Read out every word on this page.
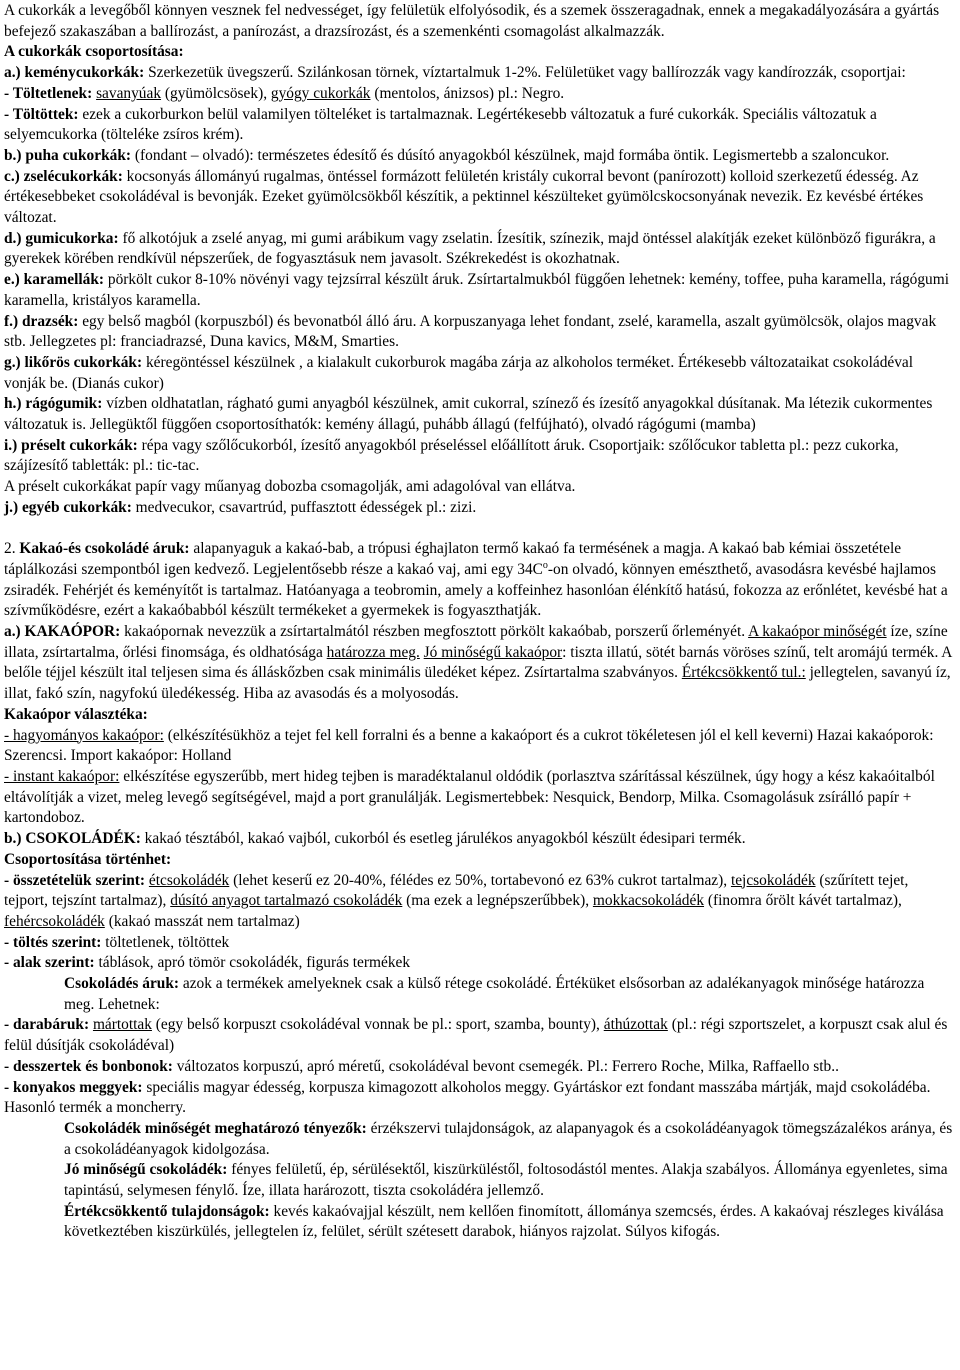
A cukorkák a levegőből könnyen vesznek fel nedvességet, így felületük elfolyósodik, és a szemek összeragadnak, ennek a megakadályozására a gyártás befejező szakaszában a ballírozást, a panírozást, a drazsírozást, és a szemenkénti csomagolást alkalmazzák.

A cukorkák csoportosítása:

a.) keménycukorkák: Szerkezetük üvegszerű. Szilánkosan törnek, víztartalmuk 1-2%. Felületüket vagy ballírozzák vagy kandírozzák, csoportjai:

- Töltetlenek: savanyúak (gyümölcsösek), gyógy cukorkák (mentolos, ánizsos) pl.: Negro.

- Töltöttek: ezek a cukorburkon belül valamilyen tölteléket is tartalmaznak. Legértékesebb változatuk a furé cukorkák. Speciális változatuk a selyemcukorka (tölteléke zsíros krém).

b.) puha cukorkák: (fondant – olvadó): természetes édesítő és dúsító anyagokból készülnek, majd formába öntik. Legismertebb a szaloncukor.

c.) zselécukorkák: kocsonyás állományú rugalmas, öntéssel formázott felületén kristály cukorral bevont (panírozott) kolloid szerkezetű édesség. Az értékesebbeket csokoládéval is bevonják. Ezeket gyümölcsökből készítik, a pektinnel készülteket gyümölcskocsonyának nevezik. Ez kevésbé értékes változat.

d.) gumicukorka: fő alkotójuk a zselé anyag, mi gumi arábikum vagy zselatin. Ízesítik, színezik, majd öntéssel alakítják ezeket különböző figurákra, a gyerekek körében rendkívül népszerűek, de fogyasztásuk nem javasolt. Székrekedést is okozhatnak.

e.) karamellák: pörkölt cukor 8-10% növényi vagy tejzsírral készült áruk. Zsírtartalmukból függően lehetnek: kemény, toffee, puha karamella, rágógumi karamella, kristályos karamella.

f.) drazsék: egy belső magból (korpuszból) és bevonatból álló áru. A korpuszanyaga lehet fondant, zselé, karamella, aszalt gyümölcsök, olajos magvak stb. Jellegzetes pl: franciadrazsé, Duna kavics, M&M, Smarties.

g.) likőrös cukorkák: kéregöntéssel készülnek , a kialakult cukorburok magába zárja az alkoholos terméket. Értékesebb változataikat csokoládéval vonják be. (Dianás cukor)

h.) rágógumik: vízben oldhatatlan, rágható gumi anyagból készülnek, amit cukorral, színező és ízesítő anyagokkal dúsítanak. Ma létezik cukormentes változatuk is. Jellegüktől függően csoportosíthatók: kemény állagú, puhább állagú (felfújható), olvadó rágógumi (mamba)

i.) préselt cukorkák: répa vagy szőlőcukorból, ízesítő anyagokból préseléssel előállított áruk. Csoportjaik: szőlőcukor tabletta pl.: pezz cukorka, szájízesítő tabletták: pl.: tic-tac.

A préselt cukorkákat papír vagy műanyag dobozba csomagolják, ami adagolóval van ellátva.

j.) egyéb cukorkák: medvecukor, csavartrúd, puffasztott édességek pl.: zizi.

2. Kakaó-és csokoládé áruk: alapanyaguk a kakaó-bab, a trópusi éghajlaton termő kakaó fa termésének a magja. A kakaó bab kémiai összetétele táplálkozási szempontból igen kedvező. Legjelentősebb része a kakaó vaj, ami egy $34C^o-on$ olvadó, könnyen emészthető, avasodásra kevésbé hajlamos zsiradék. Fehérjét és keményítőt is tartalmaz. Hatóanyaga a teobromin, amely a koffeinhez hasonlóan élénkítő hatású, fokozza az erőnlétet, kevésbé hat a szívműködésre, ezért a kakaóbabból készült termékeket a gyermekek is fogyaszthatják.

a.) KAKAÓPOR: kakaópornak nevezzük a zsírtartalmától részben megfosztott pörkölt kakaóbab, porszerű őrleményét. A kakaópor minőségét íze, színe illata, zsírtartalma, őrlési finomsága, és oldhatósága határozza meg. Jó minőségű kakaópor: tiszta illatú, sötét barnás vöröses színű, telt aromájú termék. A belőle téjjel készült ital teljesen sima és álláskőzben csak minimális üledéket képez. Zsírtartalma szabványos. Értékcsökkentő tul.: jellegtelen, savanyú íz, illat, fakó szín, nagyfokú üledékesség. Hiba az avasodás és a molyosodás.

Kakaópor választéka:

- hagyományos kakaópor: (elkészítésükhöz a tejet fel kell forralni és a benne a kakaóport és a cukrot tökéletesen jól el kell keverni) Hazai kakaóporok: Szerencsi. Import kakaópor: Holland

- instant kakaópor: elkészítése egyszerűbb, mert hideg tejben is maradéktalanul oldódik (porlasztva szárítással készülnek, úgy hogy a kész kakaóitalból eltávolítják a vizet, meleg levegő segítségével, majd a port granulálják. Legismertebbek: Nesquick, Bendorp, Milka. Csomagolásuk zsírálló papír + kartondoboz.

b.) CSOKOLÁDÉK: kakaó tésztából, kakaó vajból, cukorból és esetleg járulékos anyagokból készült édesipari termék.

Csoportosítása történhet:

- összetételük szerint: étcsokoládék (lehet keserű ez 20-40%, félédes ez 50%, tortabevonó ez 63% cukrot tartalmaz), tejcsokoládék (szűrített tejet, tejport, tejszínt tartalmaz), dúsító anyagot tartalmazó csokoládék (ma ezek a legnépszerűbbek), mokkacsokoládék (finomra őrölt kávét tartalmaz), fehércsokoládék (kakaó masszát nem tartalmaz)

- töltés szerint: töltetlenek, töltöttek

- alak szerint: táblások, apró tömör csokoládék, figurás termékek

Csokoládés áruk: azok a termékek amelyeknek csak a külső rétege csokoládé. Értéküket elsősorban az adalékanyagok minősége határozza meg. Lehetnek:

- darabáruk: mártottak (egy belső korpuszt csokoládéval vonnak be pl.: sport, szamba, bounty), áthúzottak (pl.: régi szportszelet, a korpuszt csak alul és felül dúsítják csokoládéval)

- desszertek és bonbonok: változatos korpuszú, apró méretű, csokoládéval bevont csemegék. Pl.: Ferrero Roche, Milka, Raffaello stb..

- konyakos meggyek: speciális magyar édesség, korpusza kimagozott alkoholos meggy. Gyártáskor ezt fondant masszába mártják, majd csokoládéba. Hasonló termék a moncherry.

Csokoládék minőségét meghatározó tényezők: érzékszervi tulajdonságok, az alapanyagok és a csokoládéanyagok tömegszázalékos aránya, és a csokoládéanyagok kidolgozása.

Jó minőségű csokoládék: fényes felületű, ép, sérülésektől, kiszürküléstől, foltosodástól mentes. Alakja szabályos. Állománya egyenletes, sima tapintású, selymesen fénylő. Íze, illata harározott, tiszta csokoládéra jellemző.

Értékcsökkentő tulajdonságok: kevés kakaóvajjal készült, nem kellően finomított, állománya szemcsés, érdes. A kakaóvaj részleges kiválása következtében kiszürkülés, jellegtelen íz, felület, sérült szétesett darabok, hiányos rajzolat. Súlyos kifogás.
